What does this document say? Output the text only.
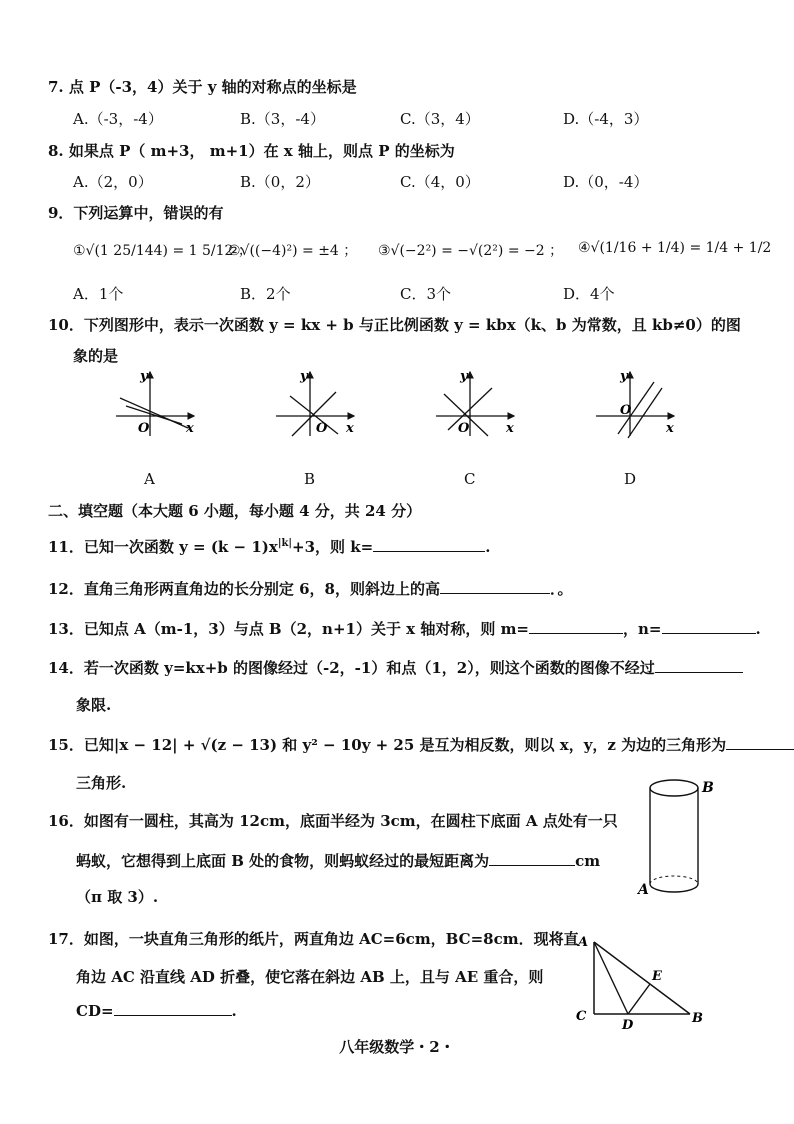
7. 点 P（-3，4）关于 y 轴的对称点的坐标是
A.（-3，-4）	B.（3，-4）	C.（3，4）	D.（-4，3）
8. 如果点 P（ m+3， m+1）在 x 轴上，则点 P 的坐标为
A.（2，0）	B.（0，2）	C.（4，0）	D.（0，-4）
9．下列运算中，错误的有
①√(1 25/144) = 1 5/12 ；
②√((−4)²) = ±4 ； ③√(−2²) = −√(2²) = −2 ； ④√(1/16 + 1/4) = 1/4 + 1/2
A．1个	B．2个	C．3个	D．4个
10．下列图形中，表示一次函数 y = kx + b 与正比例函数 y = kbx（k、b 为常数，且 kb≠0）的图
象的是
y
x
O
A
y
x
O
B
y
x
O
C
y
x
O
D
二、填空题（本大题 6 小题，每小题 4 分，共 24 分）
11．已知一次函数 $y = (k - 1)x^{|k|}+3$，则 k=	.
12．直角三角形两直角边的长分别定 6，8，则斜边上的高	．。
13．已知点 A（m-1，3）与点 B（2，n+1）关于 x 轴对称，则 m=	，n=	.
14．若一次函数 y=kx+b 的图像经过（-2，-1）和点（1，2），则这个函数的图像不经过
象限.
15．已知|x − 12| + √(z − 13) 和 y² − 10y + 25 是互为相反数，则以 x，y，z 为边的三角形为
三角形.
16．如图有一圆柱，其高为 12cm，底面半经为 3cm，在圆柱下底面 A 点处有一只
蚂蚁，它想得到上底面 B 处的食物，则蚂蚁经过的最短距离为	cm
（π 取 3）.
B
A
17．如图，一块直角三角形的纸片，两直角边 AC=6cm，BC=8cm．现将直
角边 AC 沿直线 AD 折叠，使它落在斜边 AB 上，且与 AE 重合，则
CD=	.
A
C
D
E
B
八年级数学・2・
